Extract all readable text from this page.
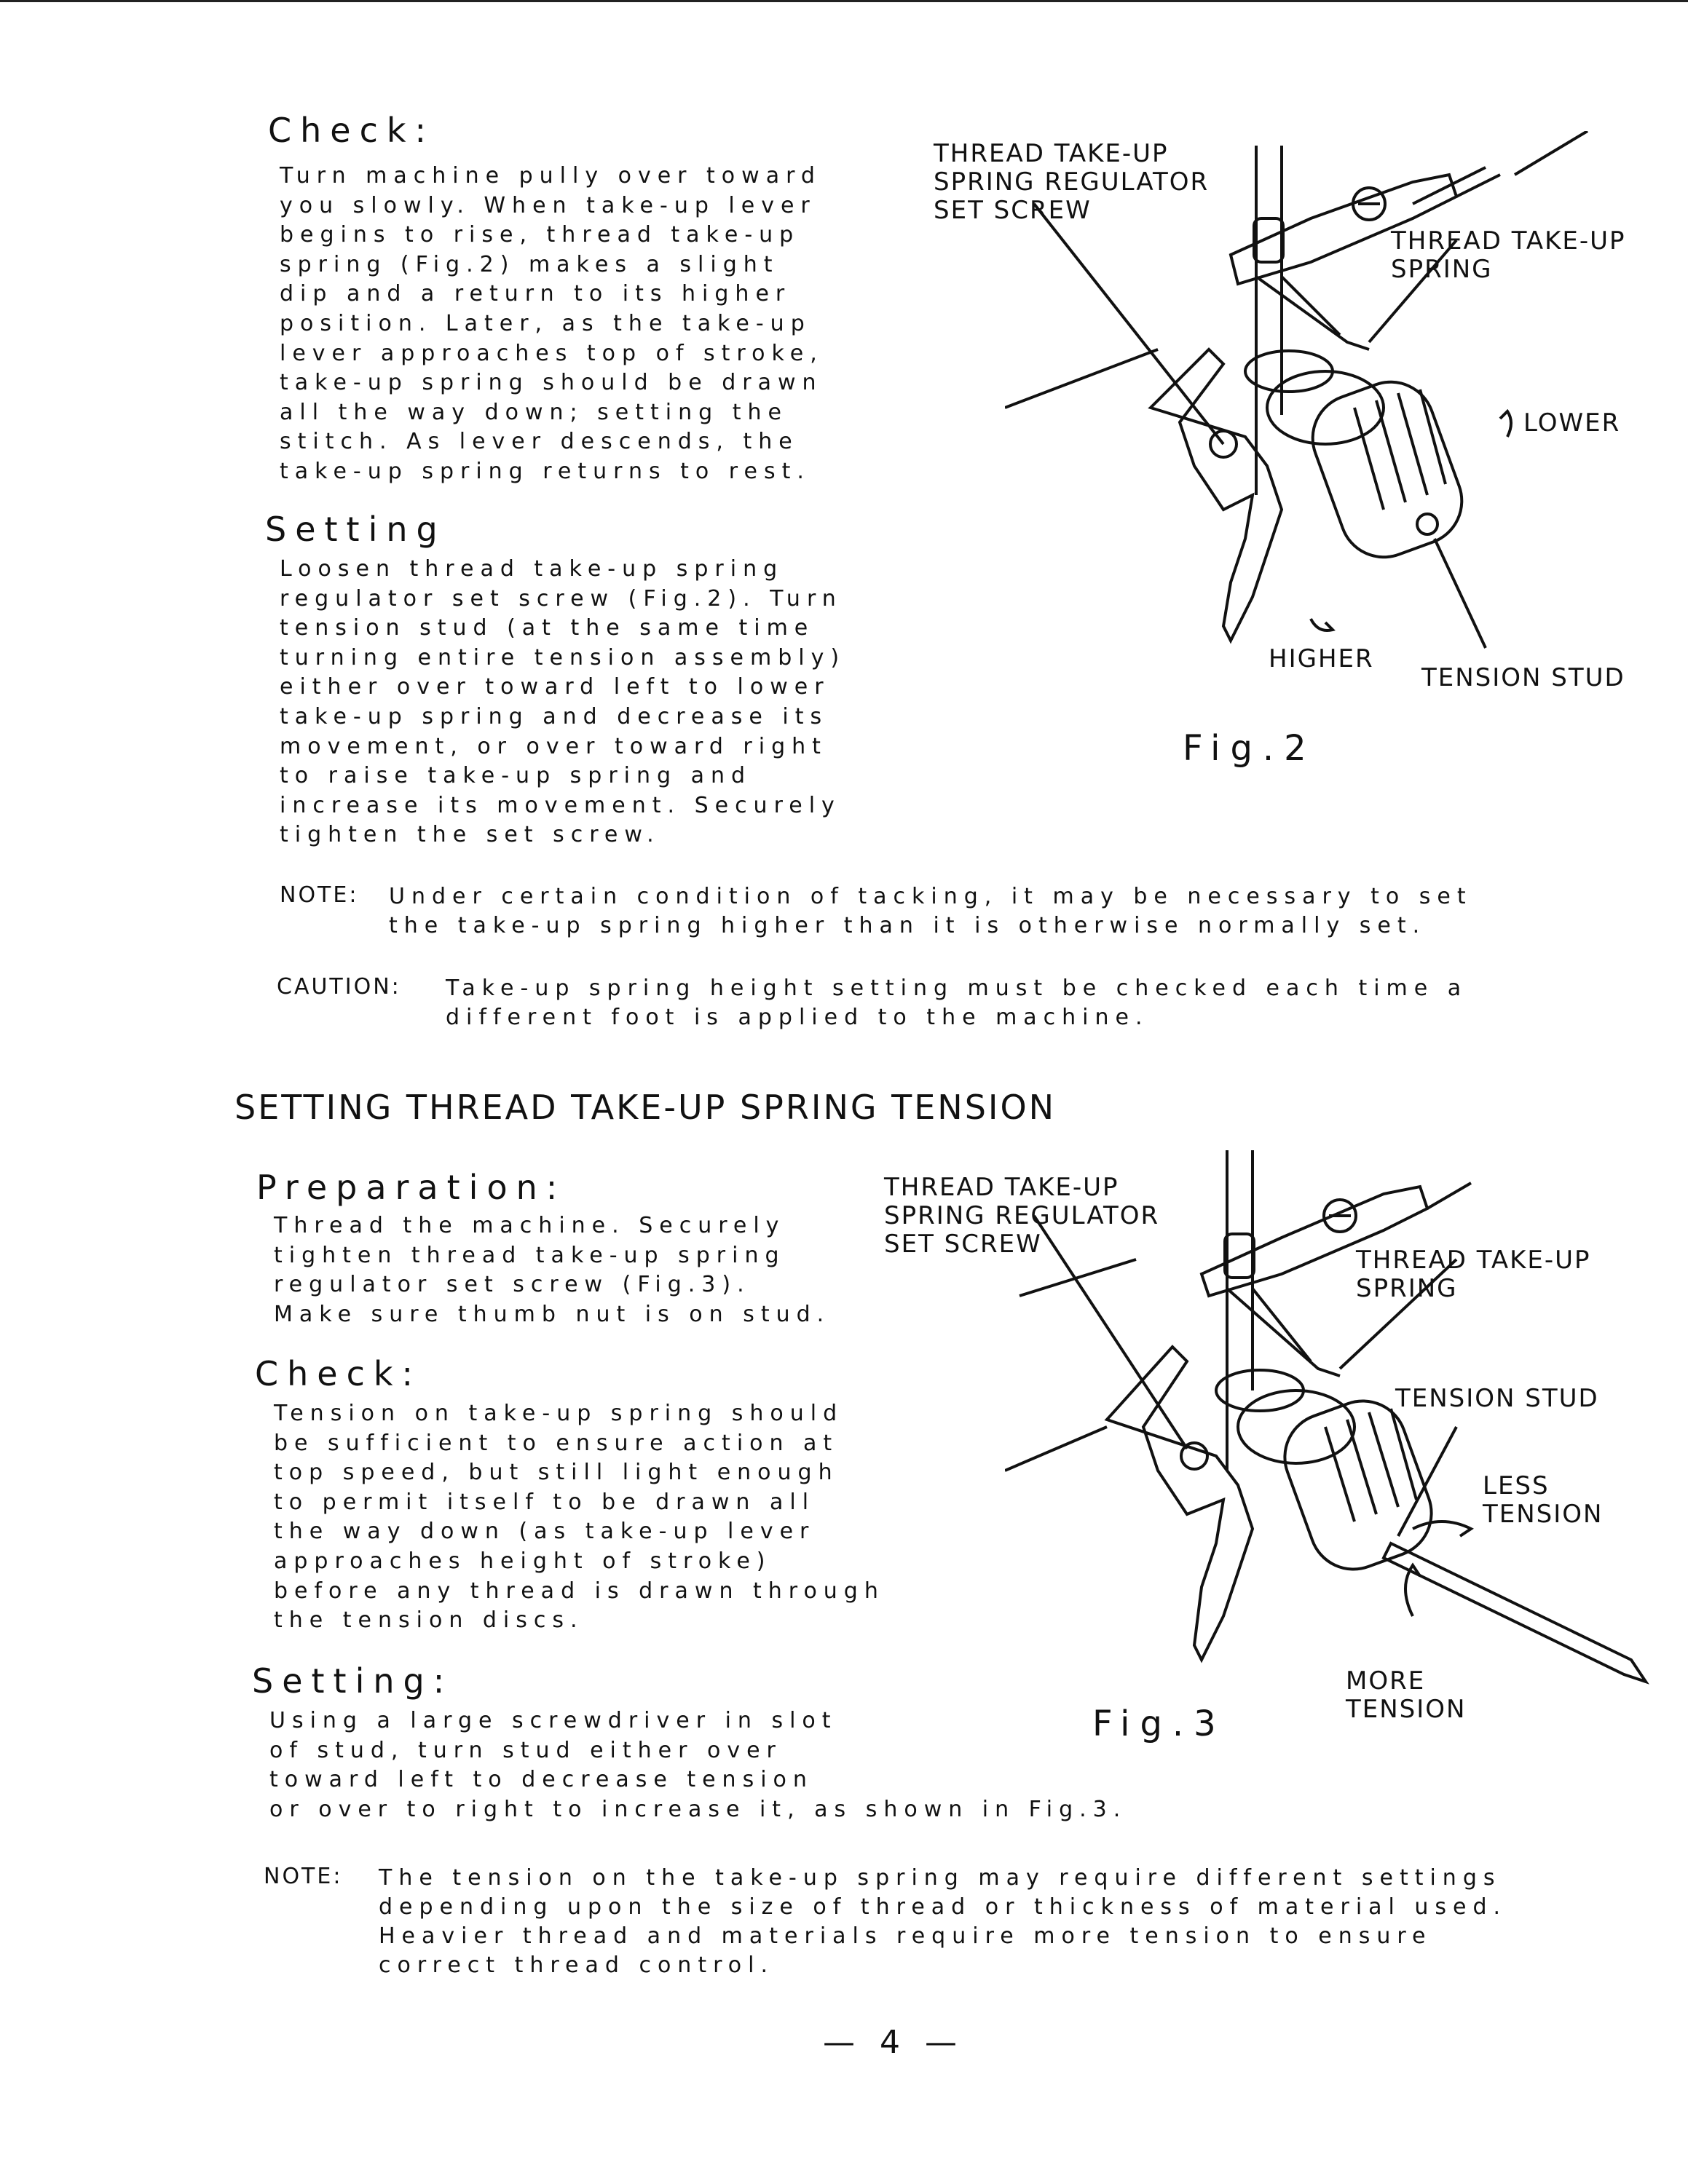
Check:

Turn machine pully over toward
you slowly. When take-up lever
begins to rise, thread take-up
spring (Fig.2) makes a slight
dip and a return to its higher
position. Later, as the take-up
lever approaches top of stroke,
take-up spring should be drawn
all the way down; setting the
stitch. As lever descends, the
take-up spring returns to rest.

Setting

Loosen thread take-up spring
regulator set screw (Fig.2). Turn
tension stud (at the same time
turning entire tension assembly)
either over toward left to lower
take-up spring and decrease its
movement, or over toward right
to raise take-up spring and
increase its movement. Securely
tighten the set screw.

THREAD TAKE-UP
SPRING REGULATOR
SET SCREW
THREAD TAKE-UP
SPRING
LOWER
HIGHER
TENSION STUD
Fig.2
NOTE: Under certain condition of tacking, it may be necessary to set
the take-up spring higher than it is otherwise normally set.
CAUTION: Take-up spring height setting must be checked each time a
different foot is applied to the machine.
SETTING THREAD TAKE-UP SPRING TENSION
Preparation:

Thread the machine. Securely
tighten thread take-up spring
regulator set screw (Fig.3).
Make sure thumb nut is on stud.

Check:

Tension on take-up spring should
be sufficient to ensure action at
top speed, but still light enough
to permit itself to be drawn all
the way down (as take-up lever
approaches height of stroke)
before any thread is drawn through
the tension discs.

Setting:

Using a large screwdriver in slot
of stud, turn stud either over
toward left to decrease tension
or over to right to increase it, as shown in Fig.3.

THREAD TAKE-UP
SPRING REGULATOR
SET SCREW
THREAD TAKE-UP
SPRING
TENSION STUD
LESS
TENSION
MORE
TENSION
Fig.3
NOTE: The tension on the take-up spring may require different settings
depending upon the size of thread or thickness of material used.
Heavier thread and materials require more tension to ensure
correct thread control.
— 4 —
